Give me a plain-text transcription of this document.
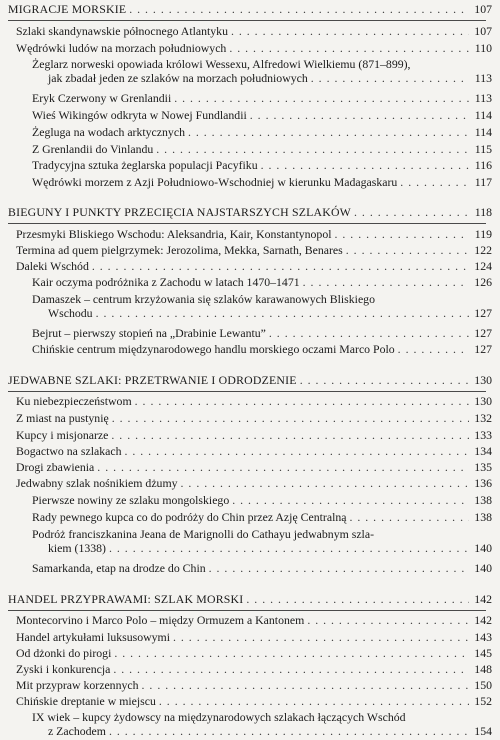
MIGRACJE MORSKIE . . .	107
Szlaki skandynawskie północnego Atlantyku . . .	107
Wędrówki ludów na morzach południowych . . .	110
Żeglarz norweski opowiada królowi Wessexu, Alfredowi Wielkiemu (871–899),
jak zbadał jeden ze szlaków na morzach południowych . . .	113
Eryk Czerwony w Grenlandii . . .	113
Wieś Wikingów odkryta w Nowej Fundlandii . . .	114
Żegluga na wodach arktycznych . . .	114
Z Grenlandii do Vinlandu . . .	115
Tradycyjna sztuka żeglarska populacji Pacyfiku . . .	116
Wędrówki morzem z Azji Południowo-Wschodniej w kierunku Madagaskaru . . .	117
BIEGUNY I PUNKTY PRZECIĘCIA NAJSTARSZYCH SZLAKÓW . . .	118
Przesmyki Bliskiego Wschodu: Aleksandria, Kair, Konstantynopol . . .	119
Termina ad quem pielgrzymek: Jerozolima, Mekka, Sarnath, Benares . . .	122
Daleki Wschód . . .	124
Kair oczyma podróżnika z Zachodu w latach 1470–1471 . . .	126
Damaszek – centrum krzyżowania się szlaków karawanowych Bliskiego
Wschodu . . .	127
Bejrut – pierwszy stopień na „Drabinie Lewantu” . . .	127
Chińskie centrum międzynarodowego handlu morskiego oczami Marco Polo . . .	127
JEDWABNE SZLAKI: PRZETRWANIE I ODRODZENIE . . .	130
Ku niebezpieczeństwom . . .	130
Z miast na pustynię . . .	132
Kupcy i misjonarze . . .	133
Bogactwo na szlakach . . .	134
Drogi zbawienia . . .	135
Jedwabny szlak nośnikiem dżumy . . .	136
Pierwsze nowiny ze szlaku mongolskiego . . .	138
Rady pewnego kupca co do podróży do Chin przez Azję Centralną . . .	138
Podróż franciszkanina Jeana de Marignolli do Cathayu jedwabnym szla-
kiem (1338) . . .	140
Samarkanda, etap na drodze do Chin . . .	140
HANDEL PRZYPRAWAMI: SZLAK MORSKI . . .	142
Montecorvino i Marco Polo – między Ormuzem a Kantonem . . .	142
Handel artykułami luksusowymi . . .	143
Od dżonki do pirogi . . .	145
Zyski i konkurencja . . .	148
Mit przypraw korzennych . . .	150
Chińskie dreptanie w miejscu . . .	152
IX wiek – kupcy żydowscy na międzynarodowych szlakach łączących Wschód
z Zachodem . . .	154
